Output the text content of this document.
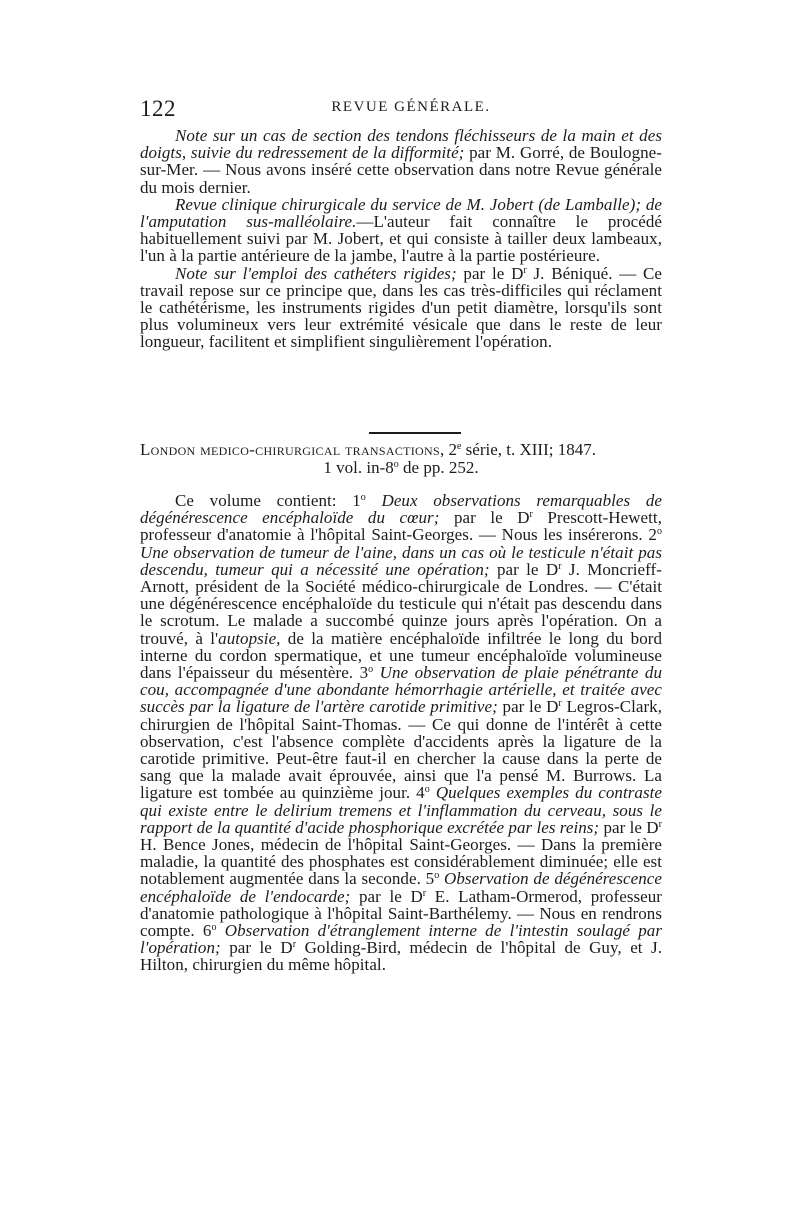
122	REVUE GÉNÉRALE.

Note sur un cas de section des tendons fléchisseurs de la main et des doigts, suivie du redressement de la difformité; par M. Gorré, de Boulogne-sur-Mer. — Nous avons inséré cette observation dans notre Revue générale du mois dernier.

Revue clinique chirurgicale du service de M. Jobert (de Lamballe); de l'amputation sus-malléolaire.—L'auteur fait connaître le procédé habituellement suivi par M. Jobert, et qui consiste à tailler deux lambeaux, l'un à la partie antérieure de la jambe, l'autre à la partie postérieure.

Note sur l'emploi des cathéters rigides; par le $D^r$ J. Béniqué. — Ce travail repose sur ce principe que, dans les cas très-difficiles qui réclament le cathétérisme, les instruments rigides d'un petit diamètre, lorsqu'ils sont plus volumineux vers leur extrémité vésicale que dans le reste de leur longueur, facilitent et simplifient singulièrement l'opération.

London medico-chirurgical transactions, 2e série, t. XIII; 1847.

1 vol. in-8$^o$ de pp. 252.

Ce volume contient: 1$^o$ Deux observations remarquables de dégénérescence encéphaloïde du cœur; par le $D^r$ Prescott-Hewett, professeur d'anatomie à l'hôpital Saint-Georges. — Nous les insérerons. 2$^o$ Une observation de tumeur de l'aine, dans un cas où le testicule n'était pas descendu, tumeur qui a nécessité une opération; par le $D^r$ J. Moncrieff-Arnott, président de la Société médico-chirurgicale de Londres. — C'était une dégénérescence encéphaloïde du testicule qui n'était pas descendu dans le scrotum. Le malade a succombé quinze jours après l'opération. On a trouvé, à l'autopsie, de la matière encéphaloïde infiltrée le long du bord interne du cordon spermatique, et une tumeur encéphaloïde volumineuse dans l'épaisseur du mésentère. 3$^o$ Une observation de plaie pénétrante du cou, accompagnée d'une abondante hémorrhagie artérielle, et traitée avec succès par la ligature de l'artère carotide primitive; par le $D^r$ Legros-Clark, chirurgien de l'hôpital Saint-Thomas. — Ce qui donne de l'intérêt à cette observation, c'est l'absence complète d'accidents après la ligature de la carotide primitive. Peut-être faut-il en chercher la cause dans la perte de sang que la malade avait éprouvée, ainsi que l'a pensé M. Burrows. La ligature est tombée au quinzième jour. 4$^o$ Quelques exemples du contraste qui existe entre le delirium tremens et l'inflammation du cerveau, sous le rapport de la quantité d'acide phosphorique excrétée par les reins; par le $D^r$ H. Bence Jones, médecin de l'hôpital Saint-Georges. — Dans la première maladie, la quantité des phosphates est considérablement diminuée; elle est notablement augmentée dans la seconde. 5$^o$ Observation de dégénérescence encéphaloïde de l'endocarde; par le $D^r$ E. Latham-Ormerod, professeur d'anatomie pathologique à l'hôpital Saint-Barthélemy. — Nous en rendrons compte. 6$^o$ Observation d'étranglement interne de l'intestin soulagé par l'opération; par le $D^r$ Golding-Bird, médecin de l'hôpital de Guy, et J. Hilton, chirurgien du même hôpital.
